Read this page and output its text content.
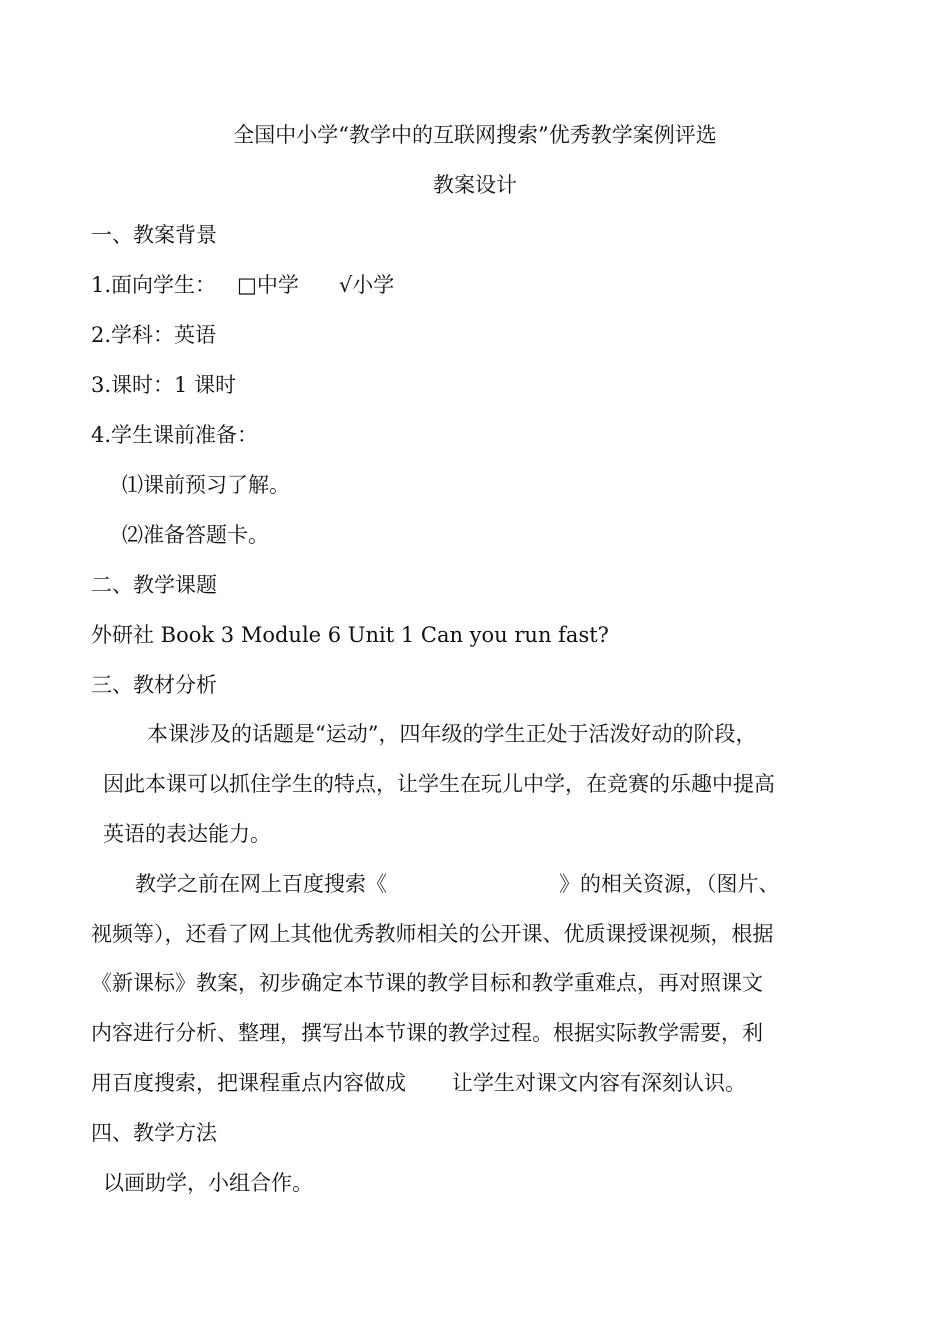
全国中小学“教学中的互联网搜索”优秀教学案例评选
教案设计
一、教案背景
1.面向学生： □中学 √小学
2.学科：英语
3.课时：1 课时
4.学生课前准备：
⑴课前预习了解。
⑵准备答题卡。
二、教学课题
外研社 Book 3 Module 6 Unit 1 Can you run fast?
三、教材分析
本课涉及的话题是“运动”，四年级的学生正处于活泼好动的阶段，
因此本课可以抓住学生的特点，让学生在玩儿中学，在竞赛的乐趣中提高
英语的表达能力。
教学之前在网上百度搜索《	》的相关资源，（图片、
视频等），还看了网上其他优秀教师相关的公开课、优质课授课视频，根据
《新课标》教案，初步确定本节课的教学目标和教学重难点，再对照课文
内容进行分析、整理，撰写出本节课的教学过程。根据实际教学需要，利
用百度搜索，把课程重点内容做成 让学生对课文内容有深刻认识。
四、教学方法
以画助学，小组合作。
